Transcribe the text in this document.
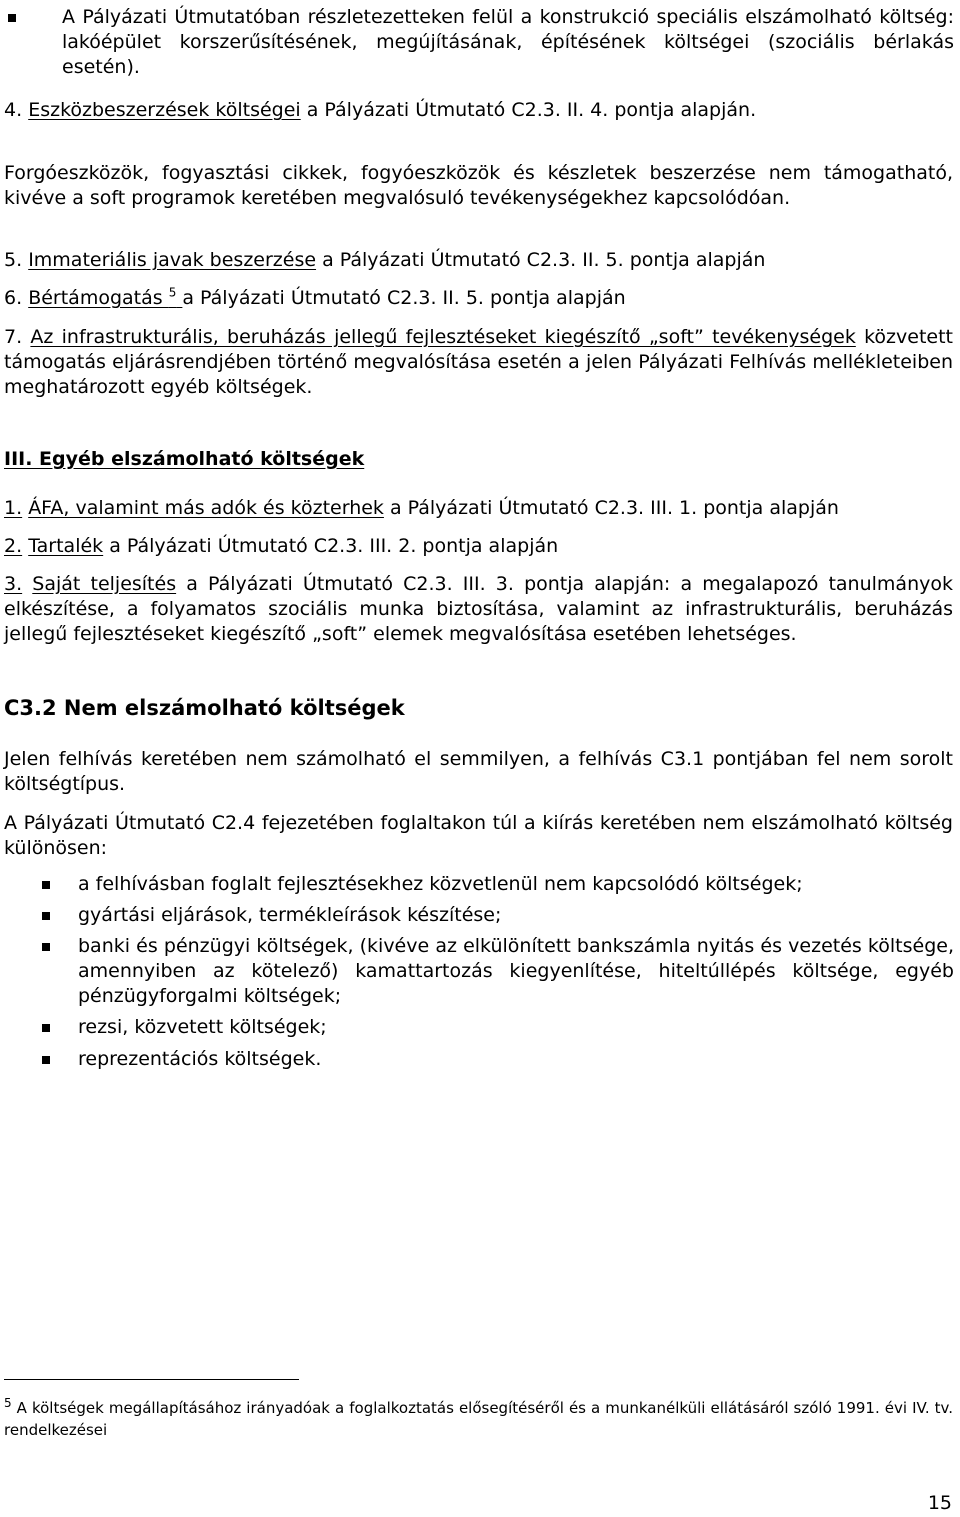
A Pályázati Útmutatóban részletezetteken felül a konstrukció speciális elszámolható költség: lakóépület korszerűsítésének, megújításának, építésének költségei (szociális bérlakás esetén).
4. Eszközbeszerzések költségei a Pályázati Útmutató C2.3. II. 4. pontja alapján.
Forgóeszközök, fogyasztási cikkek, fogyóeszközök és készletek beszerzése nem támogatható, kivéve a soft programok keretében megvalósuló tevékenységekhez kapcsolódóan.
5. Immateriális javak beszerzése a Pályázati Útmutató C2.3. II. 5. pontja alapján
6. Bértámogatás $^5$ a Pályázati Útmutató C2.3. II. 5. pontja alapján
7. Az infrastrukturális, beruházás jellegű fejlesztéseket kiegészítő „soft” tevékenységek közvetett támogatás eljárásrendjében történő megvalósítása esetén a jelen Pályázati Felhívás mellékleteiben meghatározott egyéb költségek.
III. Egyéb elszámolható költségek
1. ÁFA, valamint más adók és közterhek a Pályázati Útmutató C2.3. III. 1. pontja alapján
2. Tartalék a Pályázati Útmutató C2.3. III. 2. pontja alapján
3. Saját teljesítés a Pályázati Útmutató C2.3. III. 3. pontja alapján: a megalapozó tanulmányok elkészítése, a folyamatos szociális munka biztosítása, valamint az infrastrukturális, beruházás jellegű fejlesztéseket kiegészítő „soft” elemek megvalósítása esetében lehetséges.
C3.2 Nem elszámolható költségek
Jelen felhívás keretében nem számolható el semmilyen, a felhívás C3.1 pontjában fel nem sorolt költségtípus.
A Pályázati Útmutató C2.4 fejezetében foglaltakon túl a kiírás keretében nem elszámolható költség különösen:
a felhívásban foglalt fejlesztésekhez közvetlenül nem kapcsolódó költségek;
gyártási eljárások, termékleírások készítése;
banki és pénzügyi költségek, (kivéve az elkülönített bankszámla nyitás és vezetés költsége, amennyiben az kötelező) kamattartozás kiegyenlítése, hiteltúllépés költsége, egyéb pénzügyforgalmi költségek;
rezsi, közvetett költségek;
reprezentációs költségek.
$^5$ A költségek megállapításához irányadóak a foglalkoztatás elősegítéséről és a munkanélküli ellátásáról szóló 1991. évi IV. tv. rendelkezései
15
